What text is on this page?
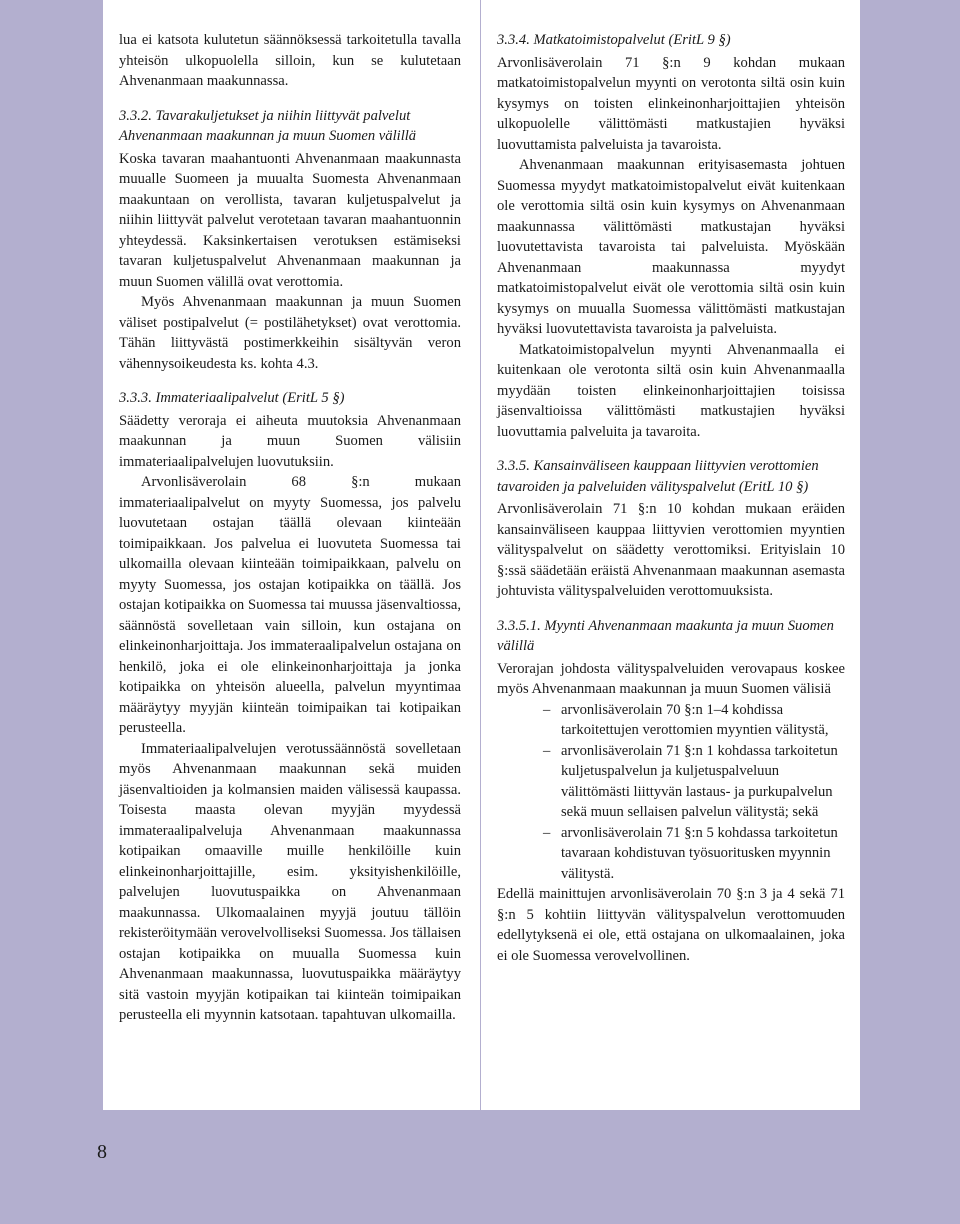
lua ei katsota kulutetun säännöksessä tarkoitetulla tavalla yhteisön ulkopuolella silloin, kun se kulutetaan Ahvenanmaan maakunnassa.

3.3.2. Tavarakuljetukset ja niihin liittyvät palvelut Ahvenanmaan maakunnan ja muun Suomen välillä

Koska tavaran maahantuonti Ahvenanmaan maakunnasta muualle Suomeen ja muualta Suomesta Ahvenanmaan maakuntaan on verollista, tavaran kuljetuspalvelut ja niihin liittyvät palvelut verotetaan tavaran maahantuonnin yhteydessä. Kaksinkertaisen verotuksen estämiseksi tavaran kuljetuspalvelut Ahvenanmaan maakunnan ja muun Suomen välillä ovat verottomia.

Myös Ahvenanmaan maakunnan ja muun Suomen väliset postipalvelut (= postilähetykset) ovat verottomia. Tähän liittyvästä postimerkkeihin sisältyvän veron vähennysoikeudesta ks. kohta 4.3.

3.3.3. Immateriaalipalvelut (EritL 5 §)

Säädetty veroraja ei aiheuta muutoksia Ahvenanmaan maakunnan ja muun Suomen välisiin immateriaalipalvelujen luovutuksiin.

Arvonlisäverolain 68 §:n mukaan immateriaalipalvelut on myyty Suomessa, jos palvelu luovutetaan ostajan täällä olevaan kiinteään toimipaikkaan. Jos palvelua ei luovuteta Suomessa tai ulkomailla olevaan kiinteään toimipaikkaan, palvelu on myyty Suomessa, jos ostajan kotipaikka on täällä. Jos ostajan kotipaikka on Suomessa tai muussa jäsenvaltiossa, säännöstä sovelletaan vain silloin, kun ostajana on elinkeinonharjoittaja. Jos immateraalipalvelun ostajana on henkilö, joka ei ole elinkeinonharjoittaja ja jonka kotipaikka on yhteisön alueella, palvelun myyntimaa määräytyy myyjän kiinteän toimipaikan tai kotipaikan perusteella.

Immateriaalipalvelujen verotussäännöstä sovelletaan myös Ahvenanmaan maakunnan sekä muiden jäsenvaltioiden ja kolmansien maiden välisessä kaupassa. Toisesta maasta olevan myyjän myydessä immateraalipalveluja Ahvenanmaan maakunnassa kotipaikan omaaville muille henkilöille kuin elinkeinonharjoittajille, esim. yksityishenkilöille, palvelujen luovutuspaikka on Ahvenanmaan maakunnassa. Ulkomaalainen myyjä joutuu tällöin rekisteröitymään verovelvolliseksi Suomessa. Jos tällaisen ostajan kotipaikka on muualla Suomessa kuin Ahvenanmaan maakunnassa, luovutuspaikka määräytyy sitä vastoin myyjän kotipaikan tai kiinteän toimipaikan perusteella eli myynnin katsotaan. tapahtuvan ulkomailla.

3.3.4. Matkatoimistopalvelut (EritL 9 §)

Arvonlisäverolain 71 §:n 9 kohdan mukaan matkatoimistopalvelun myynti on verotonta siltä osin kuin kysymys on toisten elinkeinonharjoittajien yhteisön ulkopuolelle välittömästi matkustajien hyväksi luovuttamista palveluista ja tavaroista.

Ahvenanmaan maakunnan erityisasemasta johtuen Suomessa myydyt matkatoimistopalvelut eivät kuitenkaan ole verottomia siltä osin kuin kysymys on Ahvenanmaan maakunnassa välittömästi matkustajan hyväksi luovutettavista tavaroista tai palveluista. Myöskään Ahvenanmaan maakunnassa myydyt matkatoimistopalvelut eivät ole verottomia siltä osin kuin kysymys on muualla Suomessa välittömästi matkustajan hyväksi luovutettavista tavaroista ja palveluista.

Matkatoimistopalvelun myynti Ahvenanmaalla ei kuitenkaan ole verotonta siltä osin kuin Ahvenanmaalla myydään toisten elinkeinonharjoittajien toisissa jäsenvaltioissa välittömästi matkustajien hyväksi luovuttamia palveluita ja tavaroita.

3.3.5. Kansainväliseen kauppaan liittyvien verottomien tavaroiden ja palveluiden välityspalvelut (EritL 10 §)

Arvonlisäverolain 71 §:n 10 kohdan mukaan eräiden kansainväliseen kauppaa liittyvien verottomien myyntien välityspalvelut on säädetty verottomiksi. Erityislain 10 §:ssä säädetään eräistä Ahvenanmaan maakunnan asemasta johtuvista välityspalveluiden verottomuuksista.

3.3.5.1. Myynti Ahvenanmaan maakunta ja muun Suomen välillä

Verorajan johdosta välityspalveluiden verovapaus koskee myös Ahvenanmaan maakunnan ja muun Suomen välisiä

– arvonlisäverolain 70 §:n 1–4 kohdissa tarkoitettujen verottomien myyntien välitystä,
– arvonlisäverolain 71 §:n 1 kohdassa tarkoitetun kuljetuspalvelun ja kuljetuspalveluun välittömästi liittyvän lastaus- ja purkupalvelun sekä muun sellaisen palvelun välitystä; sekä
– arvonlisäverolain 71 §:n 5 kohdassa tarkoitetun tavaraan kohdistuvan työsuoritusken myynnin välitystä.

Edellä mainittujen arvonlisäverolain 70 §:n 3 ja 4 sekä 71 §:n 5 kohtiin liittyvän välityspalvelun verottomuuden edellytyksenä ei ole, että ostajana on ulkomaalainen, joka ei ole Suomessa verovelvollinen.

8
